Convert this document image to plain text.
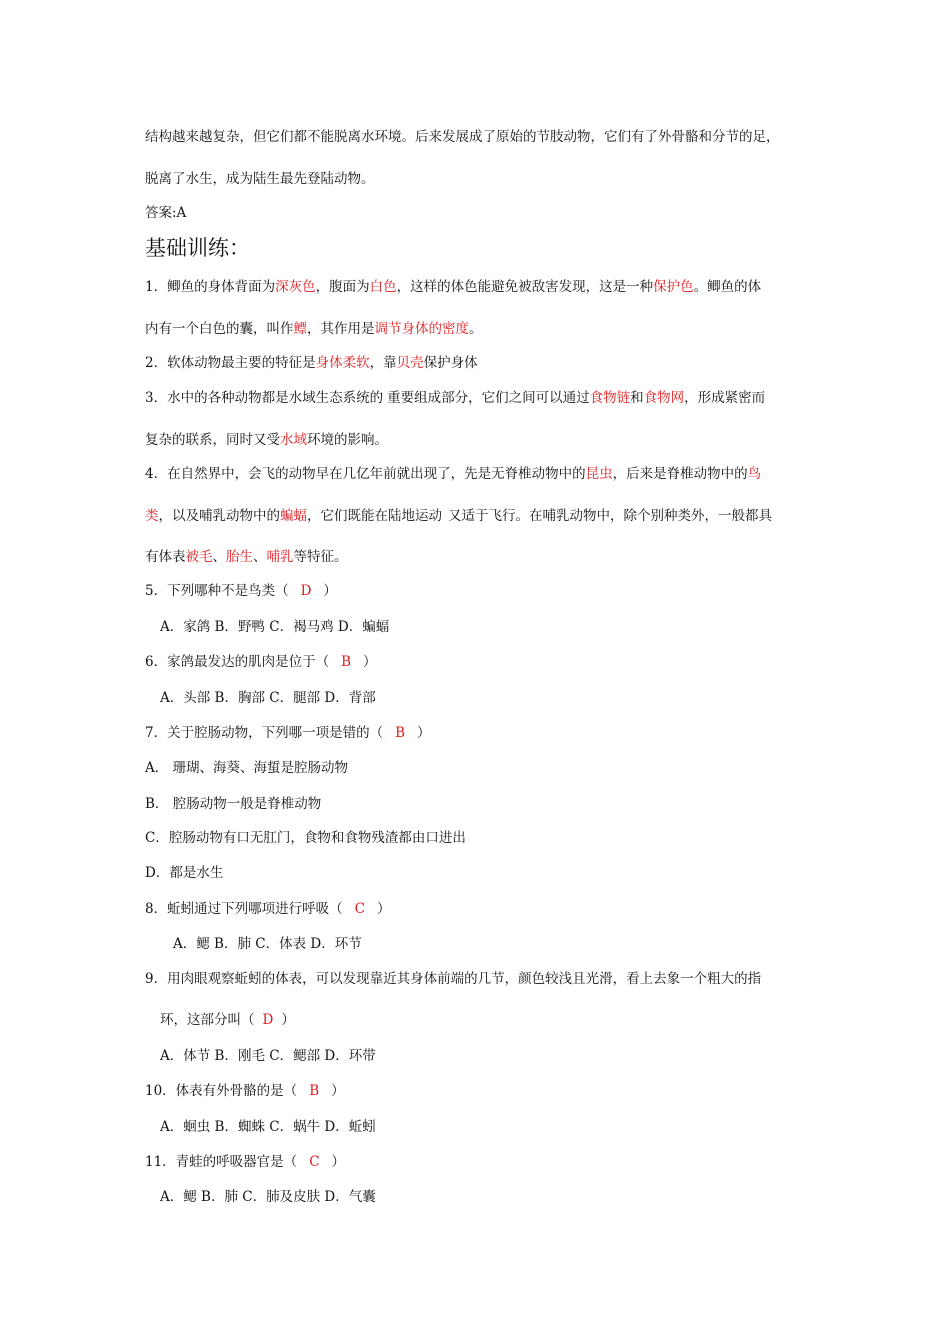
结构越来越复杂，但它们都不能脱离水环境。后来发展成了原始的节肢动物，它们有了外骨骼和分节的足，
脱离了水生，成为陆生最先登陆动物。
答案:A
基础训练：
1．鲫鱼的身体背面为深灰色，腹面为白色，这样的体色能避免被敌害发现，这是一种保护色。鲫鱼的体
内有一个白色的囊，叫作鳔，其作用是调节身体的密度。
2．软体动物最主要的特征是身体柔软，靠贝壳保护身体
3．水中的各种动物都是水域生态系统的 重要组成部分，它们之间可以通过食物链和食物网，形成紧密而
复杂的联系，同时又受水域环境的影响。
4．在自然界中，会飞的动物早在几亿年前就出现了，先是无脊椎动物中的昆虫，后来是脊椎动物中的鸟
类，以及哺乳动物中的蝙蝠，它们既能在陆地运动 又适于飞行。在哺乳动物中，除个别种类外，一般都具
有体表被毛、胎生、哺乳等特征。
5．下列哪种不是鸟类（ D ）
A．家鸽 B．野鸭 C．褐马鸡 D．蝙蝠
6．家鸽最发达的肌肉是位于（ B ）
A．头部 B．胸部 C．腿部 D．背部
7．关于腔肠动物，下列哪一项是错的（ B ）
A． 珊瑚、海葵、海蜇是腔肠动物
B． 腔肠动物一般是脊椎动物
C．腔肠动物有口无肛门，食物和食物残渣都由口进出
D．都是水生
8．蚯蚓通过下列哪项进行呼吸（ C ）
A．鳃 B．肺 C．体表 D．环节
9．用肉眼观察蚯蚓的体表，可以发现靠近其身体前端的几节，颜色较浅且光滑，看上去象一个粗大的指
环，这部分叫（ D ）
A．体节 B．刚毛 C．鳃部 D．环带
10．体表有外骨骼的是（ B ）
A．蛔虫 B．蜘蛛 C．蜗牛 D．蚯蚓
11．青蛙的呼吸器官是（ C ）
A．鳃 B．肺 C．肺及皮肤 D．气囊
